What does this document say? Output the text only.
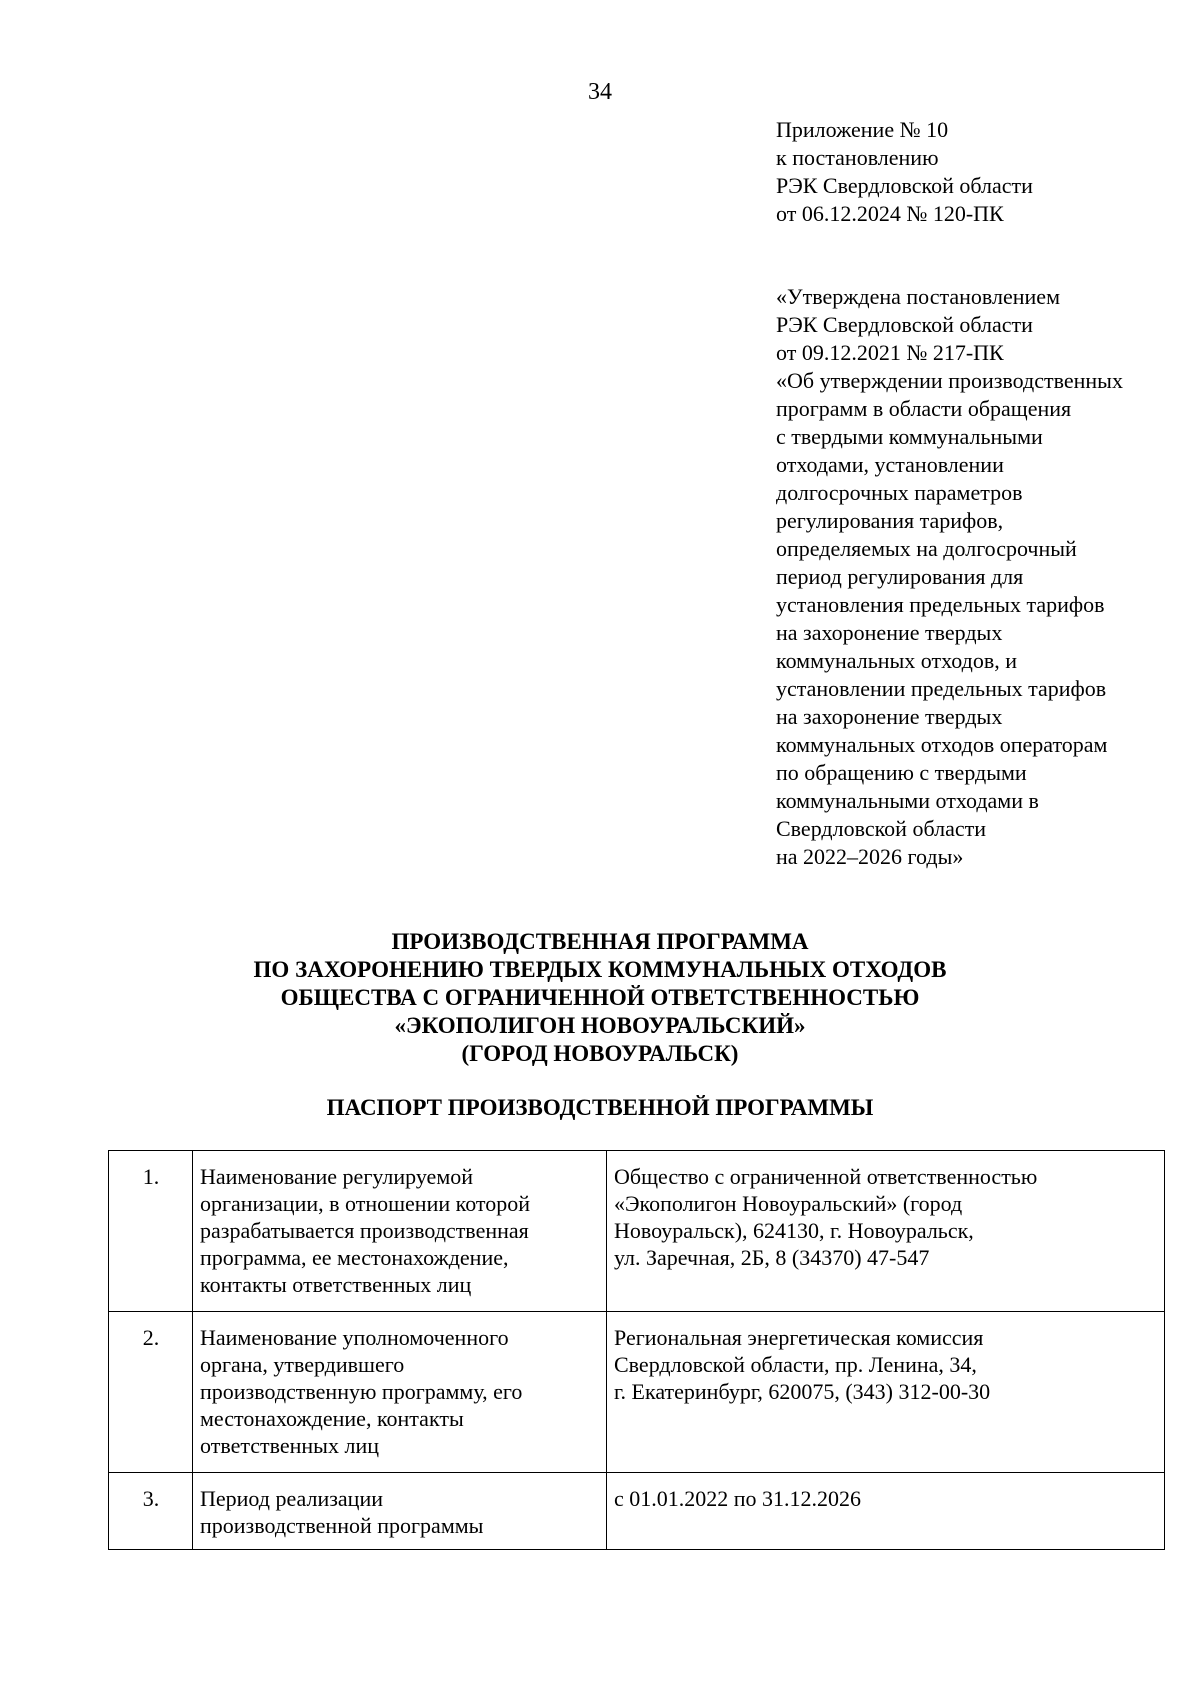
34
Приложение № 10
к постановлению
РЭК Свердловской области
от 06.12.2024 № 120-ПК
«Утверждена постановлением
РЭК Свердловской области
от 09.12.2021 № 217-ПК
«Об утверждении производственных
программ в области обращения
с твердыми коммунальными
отходами, установлении
долгосрочных параметров
регулирования тарифов,
определяемых на долгосрочный
период регулирования для
установления предельных тарифов
на захоронение твердых
коммунальных отходов, и
установлении предельных тарифов
на захоронение твердых
коммунальных отходов операторам
по обращению с твердыми
коммунальными отходами в
Свердловской области
на 2022–2026 годы»
ПРОИЗВОДСТВЕННАЯ ПРОГРАММА
ПО ЗАХОРОНЕНИЮ ТВЕРДЫХ КОММУНАЛЬНЫХ ОТХОДОВ
ОБЩЕСТВА С ОГРАНИЧЕННОЙ ОТВЕТСТВЕННОСТЬЮ
«ЭКОПОЛИГОН НОВОУРАЛЬСКИЙ»
(ГОРОД НОВОУРАЛЬСК)
ПАСПОРТ ПРОИЗВОДСТВЕННОЙ ПРОГРАММЫ
1.	Наименование регулируемой
организации, в отношении которой
разрабатывается производственная
программа, ее местонахождение,
контакты ответственных лиц	Общество с ограниченной ответственностью
«Экополигон Новоуральский» (город
Новоуральск), 624130, г. Новоуральск,
ул. Заречная, 2Б, 8 (34370) 47-547

2.	Наименование уполномоченного
органа, утвердившего
производственную программу, его
местонахождение, контакты
ответственных лиц	Региональная энергетическая комиссия
Свердловской области, пр. Ленина, 34,
г. Екатеринбург, 620075, (343) 312-00-30

3.	Период реализации
производственной программы	с 01.01.2022 по 31.12.2026
